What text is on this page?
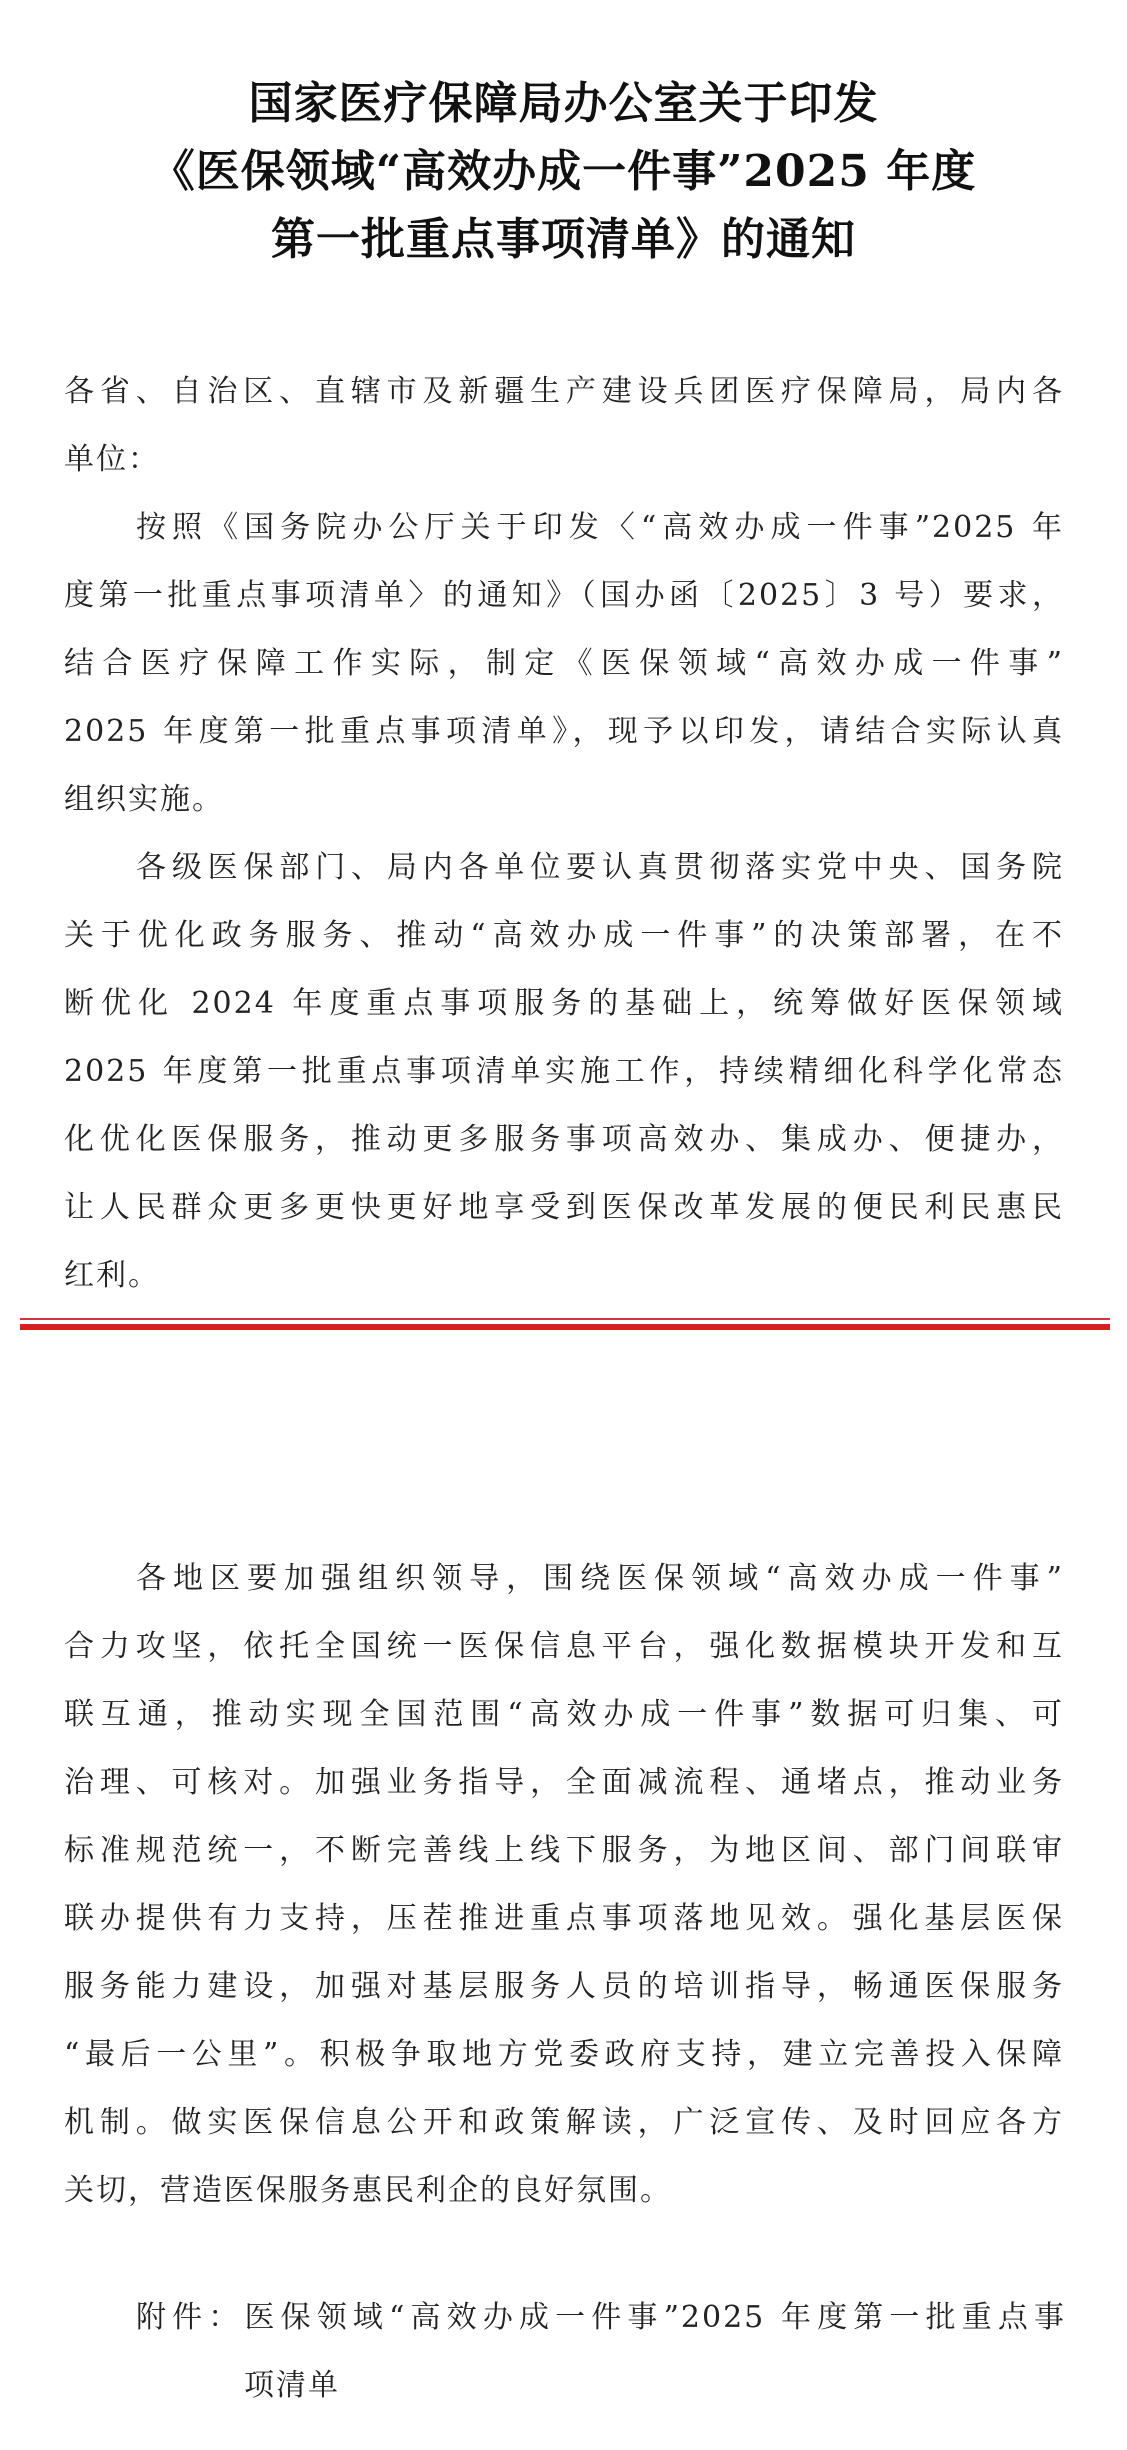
国家医疗保障局办公室关于印发
《医保领域“高效办成一件事”2025 年度
第一批重点事项清单》的通知
各省、自治区、直辖市及新疆生产建设兵团医疗保障局，局内各
单位：
按照《国务院办公厅关于印发〈“高效办成一件事”2025 年
度第一批重点事项清单〉的通知》（国办函〔2025〕3 号）要求，
结合医疗保障工作实际，制定《医保领域“高效办成一件事”
2025 年度第一批重点事项清单》，现予以印发，请结合实际认真
组织实施。
各级医保部门、局内各单位要认真贯彻落实党中央、国务院
关于优化政务服务、推动“高效办成一件事”的决策部署，在不
断优化 2024 年度重点事项服务的基础上，统筹做好医保领域
2025 年度第一批重点事项清单实施工作，持续精细化科学化常态
化优化医保服务，推动更多服务事项高效办、集成办、便捷办，
让人民群众更多更快更好地享受到医保改革发展的便民利民惠民
红利。
各地区要加强组织领导，围绕医保领域“高效办成一件事”
合力攻坚，依托全国统一医保信息平台，强化数据模块开发和互
联互通，推动实现全国范围“高效办成一件事”数据可归集、可
治理、可核对。加强业务指导，全面减流程、通堵点，推动业务
标准规范统一，不断完善线上线下服务，为地区间、部门间联审
联办提供有力支持，压茬推进重点事项落地见效。强化基层医保
服务能力建设，加强对基层服务人员的培训指导，畅通医保服务
“最后一公里”。积极争取地方党委政府支持，建立完善投入保障
机制。做实医保信息公开和政策解读，广泛宣传、及时回应各方
关切，营造医保服务惠民利企的良好氛围。
附件：医保领域“高效办成一件事”2025 年度第一批重点事
项清单
